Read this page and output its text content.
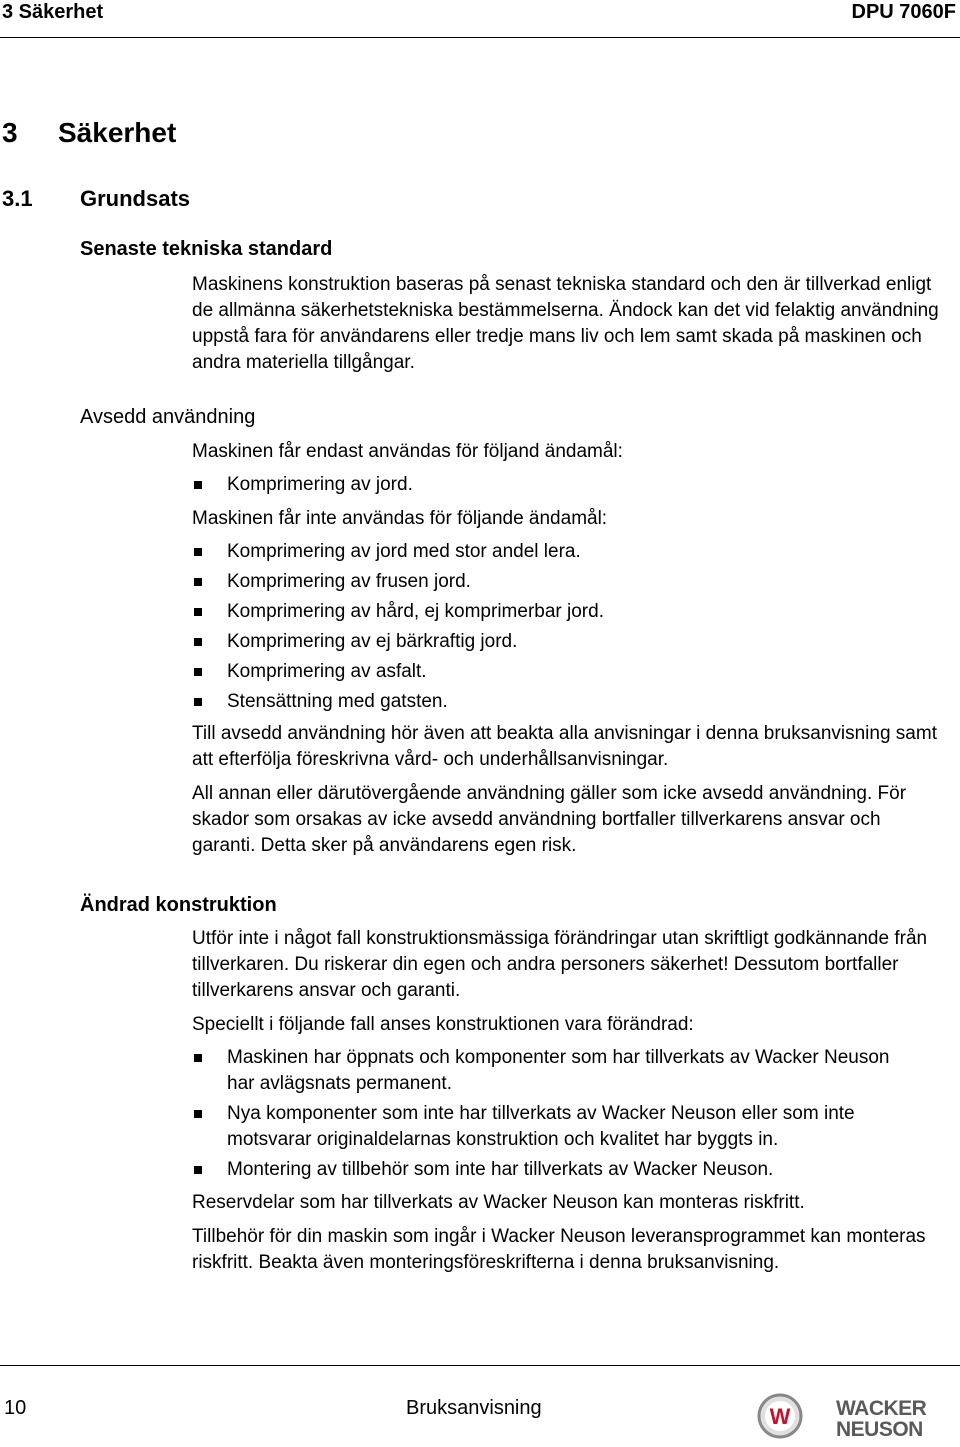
3 Säkerhet	DPU 7060F
3 Säkerhet
3.1 Grundsats
Senaste tekniska standard

Maskinens konstruktion baseras på senast tekniska standard och den är tillverkad enligt de allmänna säkerhetstekniska bestämmelserna. Ändock kan det vid felaktig användning uppstå fara för användarens eller tredje mans liv och lem samt skada på maskinen och andra materiella tillgångar.

Avsedd användning

Maskinen får endast användas för följand ändamål:

Komprimering av jord.

Maskinen får inte användas för följande ändamål:

Komprimering av jord med stor andel lera.
Komprimering av frusen jord.
Komprimering av hård, ej komprimerbar jord.
Komprimering av ej bärkraftig jord.
Komprimering av asfalt.
Stensättning med gatsten.

Till avsedd användning hör även att beakta alla anvisningar i denna bruksanvisning samt att efterfölja föreskrivna vård- och underhållsanvisningar.

All annan eller därutövergående användning gäller som icke avsedd användning. För skador som orsakas av icke avsedd användning bortfaller tillverkarens ansvar och garanti. Detta sker på användarens egen risk.

Ändrad konstruktion

Utför inte i något fall konstruktionsmässiga förändringar utan skriftligt godkännande från tillverkaren. Du riskerar din egen och andra personers säkerhet! Dessutom bortfaller tillverkarens ansvar och garanti.

Speciellt i följande fall anses konstruktionen vara förändrad:

Maskinen har öppnats och komponenter som har tillverkats av Wacker Neuson har avlägsnats permanent.
Nya komponenter som inte har tillverkats av Wacker Neuson eller som inte motsvarar originaldelarnas konstruktion och kvalitet har byggts in.
Montering av tillbehör som inte har tillverkats av Wacker Neuson.

Reservdelar som har tillverkats av Wacker Neuson kan monteras riskfritt.

Tillbehör för din maskin som ingår i Wacker Neuson leveransprogrammet kan monteras riskfritt. Beakta även monteringsföreskrifterna i denna bruksanvisning.

10	Bruksanvisning	W WACKER
NEUSON
